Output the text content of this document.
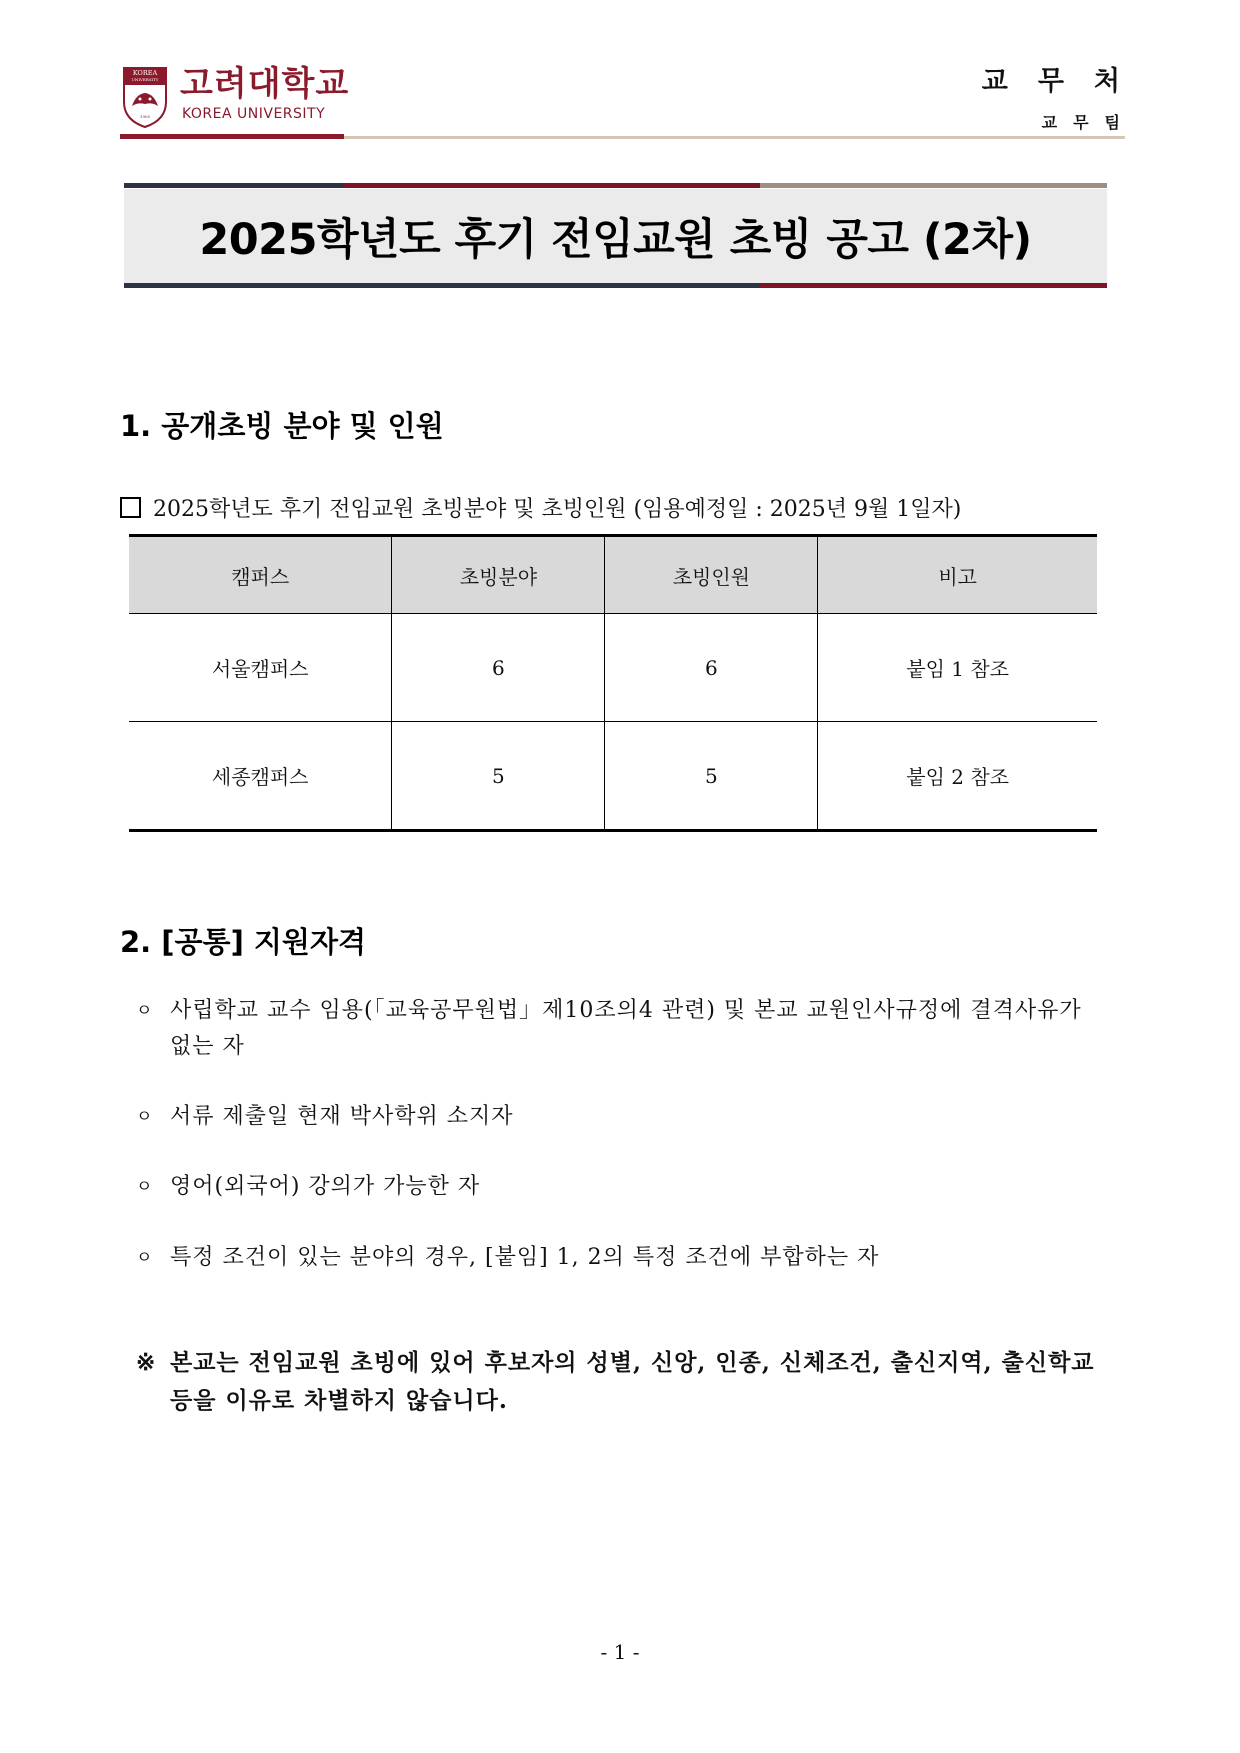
KOREA
UNIVERSITY
1905
고려대학교
KOREA UNIVERSITY
교무처
교무팀
2025학년도 후기 전임교원 초빙 공고 (2차)
1. 공개초빙 분야 및 인원
2025학년도 후기 전임교원 초빙분야 및 초빙인원 (임용예정일 : 2025년 9월 1일자)
캠퍼스	초빙분야	초빙인원	비고
서울캠퍼스	6	6	붙임 1 참조
세종캠퍼스	5	5	붙임 2 참조
2. [공통] 지원자격
ㅇ 사립학교 교수 임용(「교육공무원법」제10조의4 관련) 및 본교 교원인사규정에 결격사유가 없는 자
ㅇ 서류 제출일 현재 박사학위 소지자
ㅇ 영어(외국어) 강의가 가능한 자
ㅇ 특정 조건이 있는 분야의 경우, [붙임] 1, 2의 특정 조건에 부합하는 자
※ 본교는 전임교원 초빙에 있어 후보자의 성별, 신앙, 인종, 신체조건, 출신지역, 출신학교 등을 이유로 차별하지 않습니다.
- 1 -
